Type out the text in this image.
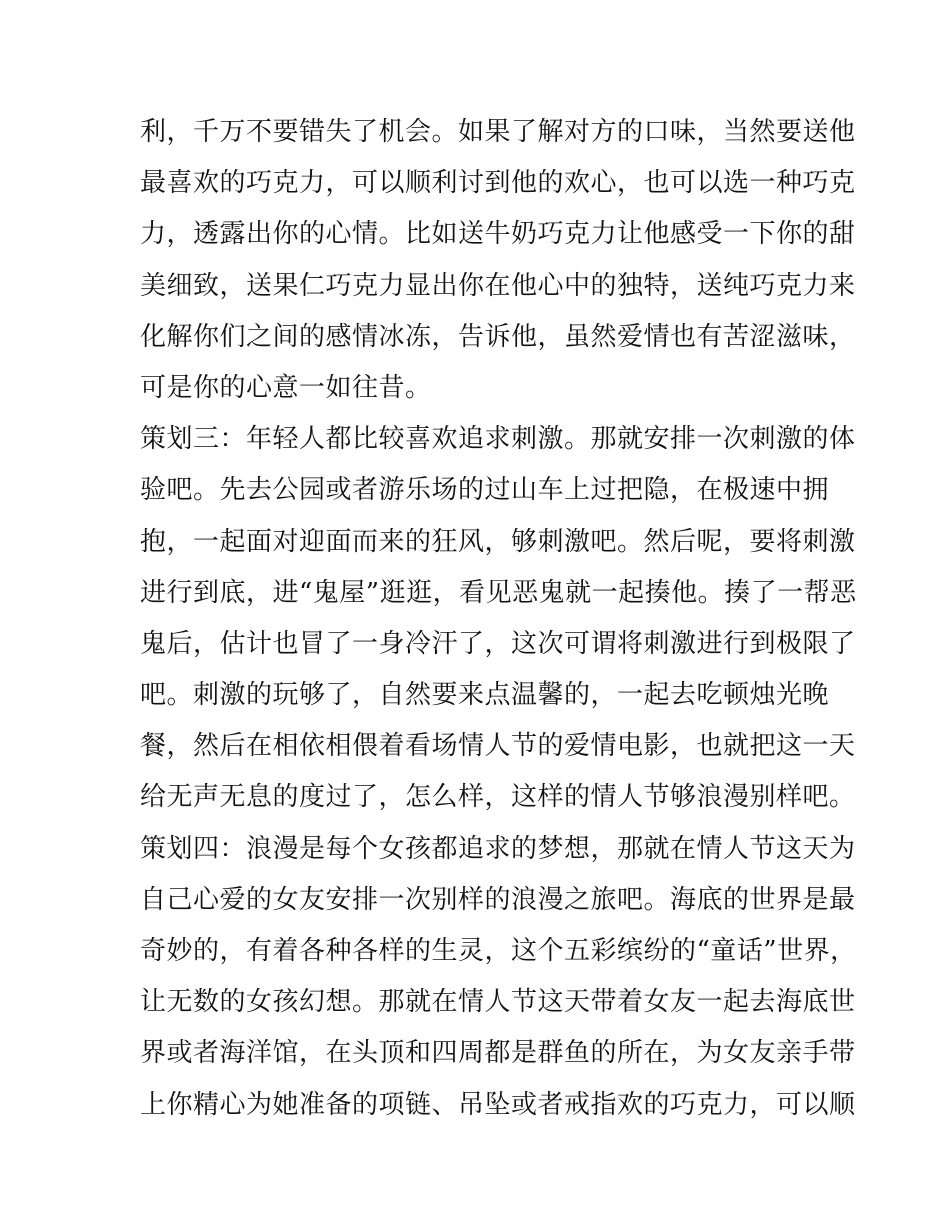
利，千万不要错失了机会。如果了解对方的口味，当然要送他
最喜欢的巧克力，可以顺利讨到他的欢心，也可以选一种巧克
力，透露出你的心情。比如送牛奶巧克力让他感受一下你的甜
美细致，送果仁巧克力显出你在他心中的独特，送纯巧克力来
化解你们之间的感情冰冻，告诉他，虽然爱情也有苦涩滋味，
可是你的心意一如往昔。
策划三：年轻人都比较喜欢追求刺激。那就安排一次刺激的体
验吧。先去公园或者游乐场的过山车上过把隐，在极速中拥
抱，一起面对迎面而来的狂风，够刺激吧。然后呢，要将刺激
进行到底，进“鬼屋”逛逛，看见恶鬼就一起揍他。揍了一帮恶
鬼后，估计也冒了一身冷汗了，这次可谓将刺激进行到极限了
吧。刺激的玩够了，自然要来点温馨的，一起去吃顿烛光晚
餐，然后在相依相偎着看场情人节的爱情电影，也就把这一天
给无声无息的度过了，怎么样，这样的情人节够浪漫别样吧。
策划四：浪漫是每个女孩都追求的梦想，那就在情人节这天为
自己心爱的女友安排一次别样的浪漫之旅吧。海底的世界是最
奇妙的，有着各种各样的生灵，这个五彩缤纷的“童话”世界，
让无数的女孩幻想。那就在情人节这天带着女友一起去海底世
界或者海洋馆，在头顶和四周都是群鱼的所在，为女友亲手带
上你精心为她准备的项链、吊坠或者戒指欢的巧克力，可以顺
